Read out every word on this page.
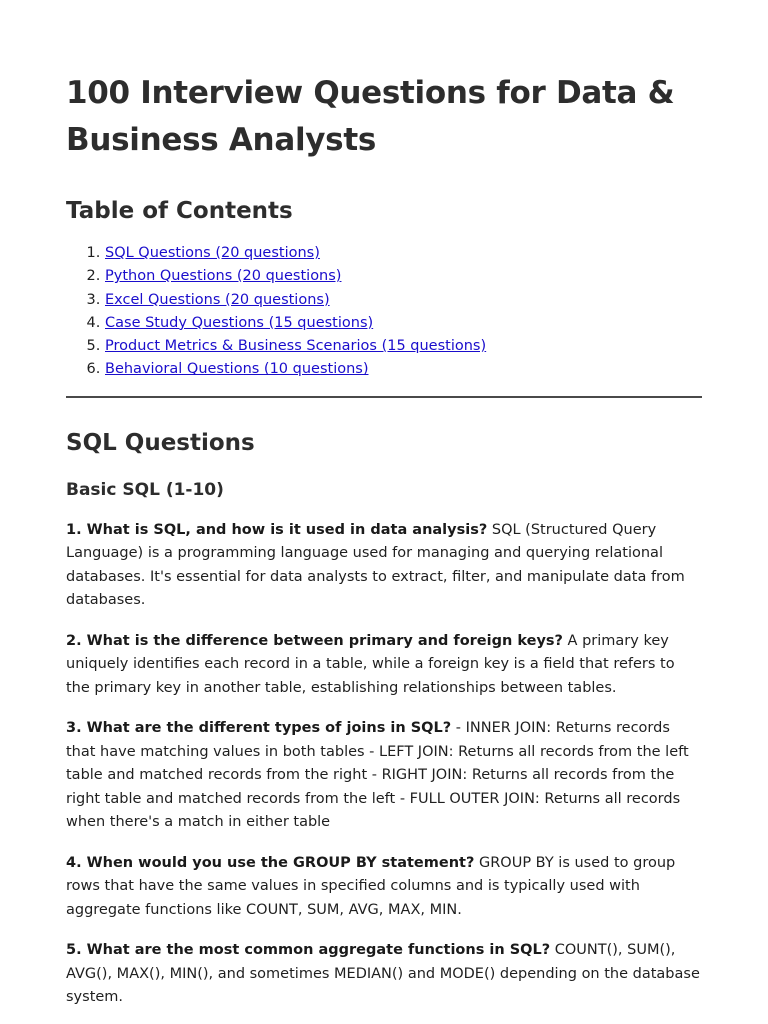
100 Interview Questions for Data & Business Analysts
Table of Contents
1. SQL Questions (20 questions)
2. Python Questions (20 questions)
3. Excel Questions (20 questions)
4. Case Study Questions (15 questions)
5. Product Metrics & Business Scenarios (15 questions)
6. Behavioral Questions (10 questions)
SQL Questions
Basic SQL (1-10)

1. What is SQL, and how is it used in data analysis? SQL (Structured Query Language) is a programming language used for managing and querying relational databases. It's essential for data analysts to extract, filter, and manipulate data from databases.

2. What is the difference between primary and foreign keys? A primary key uniquely identifies each record in a table, while a foreign key is a field that refers to the primary key in another table, establishing relationships between tables.

3. What are the different types of joins in SQL? - INNER JOIN: Returns records that have matching values in both tables - LEFT JOIN: Returns all records from the left table and matched records from the right - RIGHT JOIN: Returns all records from the right table and matched records from the left - FULL OUTER JOIN: Returns all records when there's a match in either table

4. When would you use the GROUP BY statement? GROUP BY is used to group rows that have the same values in specified columns and is typically used with aggregate functions like COUNT, SUM, AVG, MAX, MIN.

5. What are the most common aggregate functions in SQL? COUNT(), SUM(), AVG(), MAX(), MIN(), and sometimes MEDIAN() and MODE() depending on the database system.
